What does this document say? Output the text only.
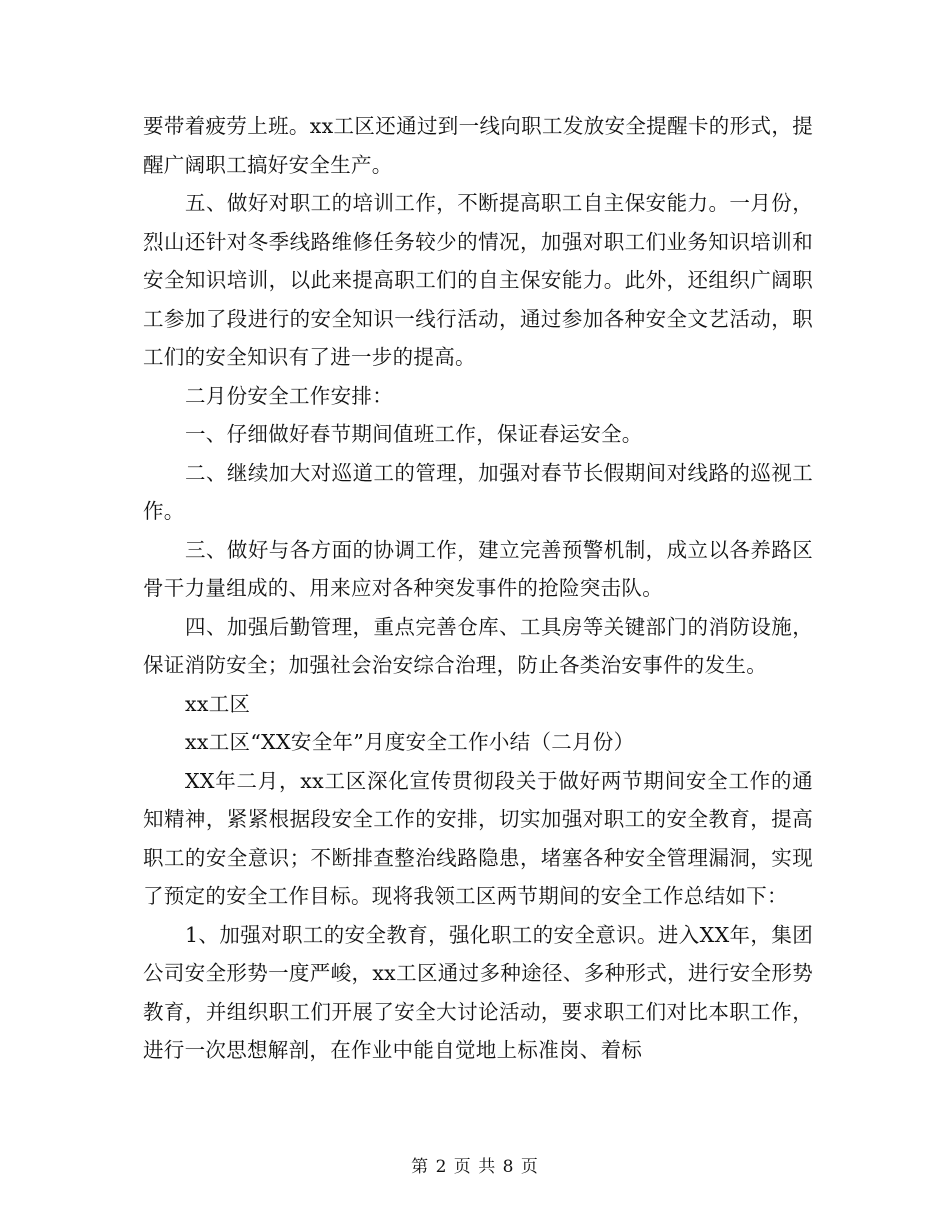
要带着疲劳上班。xx工区还通过到一线向职工发放安全提醒卡的形式，提醒广阔职工搞好安全生产。

五、做好对职工的培训工作，不断提高职工自主保安能力。一月份，烈山还针对冬季线路维修任务较少的情况，加强对职工们业务知识培训和安全知识培训，以此来提高职工们的自主保安能力。此外，还组织广阔职工参加了段进行的安全知识一线行活动，通过参加各种安全文艺活动，职工们的安全知识有了进一步的提高。

二月份安全工作安排：

一、仔细做好春节期间值班工作，保证春运安全。

二、继续加大对巡道工的管理，加强对春节长假期间对线路的巡视工作。

三、做好与各方面的协调工作，建立完善预警机制，成立以各养路区骨干力量组成的、用来应对各种突发事件的抢险突击队。

四、加强后勤管理，重点完善仓库、工具房等关键部门的消防设施，保证消防安全；加强社会治安综合治理，防止各类治安事件的发生。

xx工区

xx工区“XX安全年”月度安全工作小结（二月份）

XX年二月，xx工区深化宣传贯彻段关于做好两节期间安全工作的通知精神，紧紧根据段安全工作的安排，切实加强对职工的安全教育，提高职工的安全意识；不断排查整治线路隐患，堵塞各种安全管理漏洞，实现了预定的安全工作目标。现将我领工区两节期间的安全工作总结如下：

1、加强对职工的安全教育，强化职工的安全意识。进入XX年，集团公司安全形势一度严峻，xx工区通过多种途径、多种形式，进行安全形势教育，并组织职工们开展了安全大讨论活动，要求职工们对比本职工作，进行一次思想解剖，在作业中能自觉地上标准岗、着标

第 2 页 共 8 页
